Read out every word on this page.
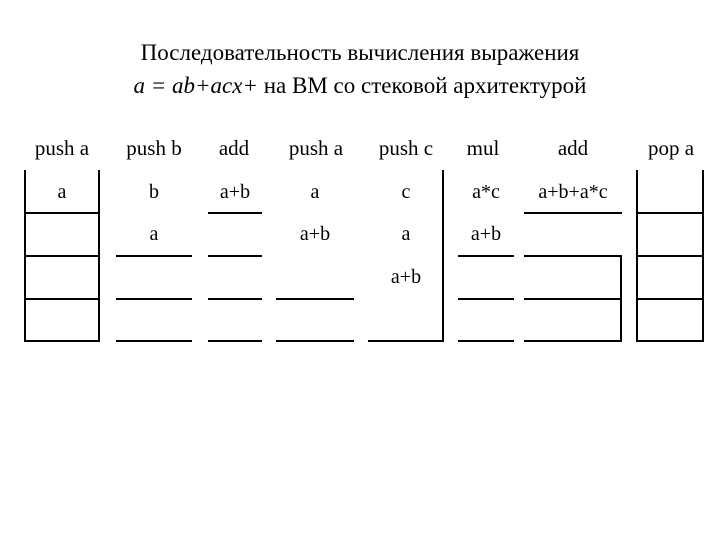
Последовательность вычисления выражения
a = ab+acx+ на ВМ со стековой архитектурой
push a
a
push b
b
a
add
a+b
push a
a
a+b
push c
c
a
a+b
mul
a*c
a+b
add
a+b+a*c
pop a
